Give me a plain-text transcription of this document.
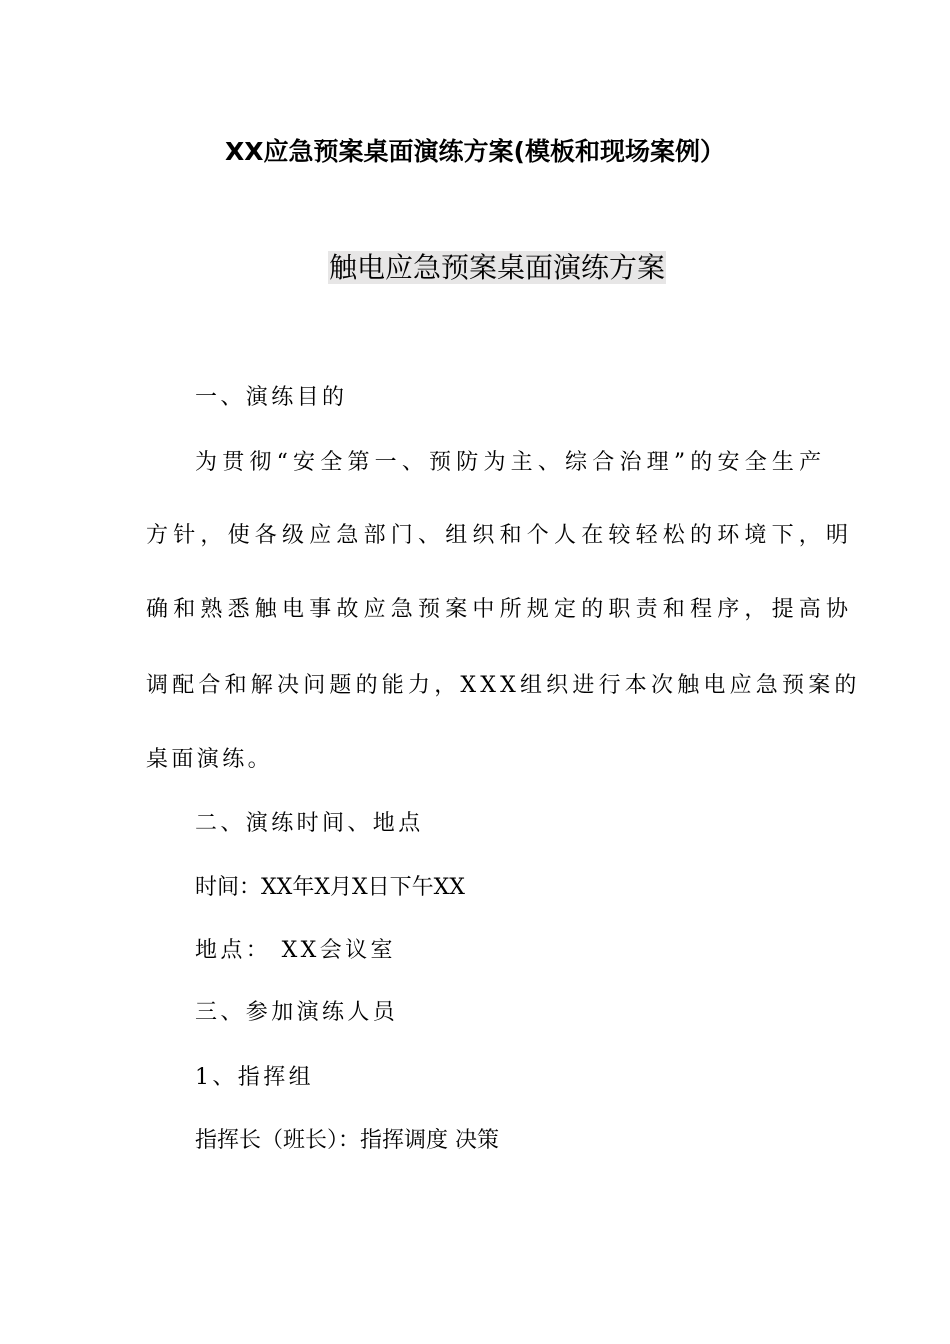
XX应急预案桌面演练方案(模板和现场案例）
触电应急预案桌面演练方案
一、演练目的
为贯彻“安全第一、预防为主、综合治理”的安全生产
方针，使各级应急部门、组织和个人在较轻松的环境下，明
确和熟悉触电事故应急预案中所规定的职责和程序，提高协
调配合和解决问题的能力，XXX组织进行本次触电应急预案的
桌面演练。
二、演练时间、地点
时间：XX年X月X日下午XX
地点： XX会议室
三、参加演练人员
1、指挥组
指挥长（班长）：指挥调度 决策
